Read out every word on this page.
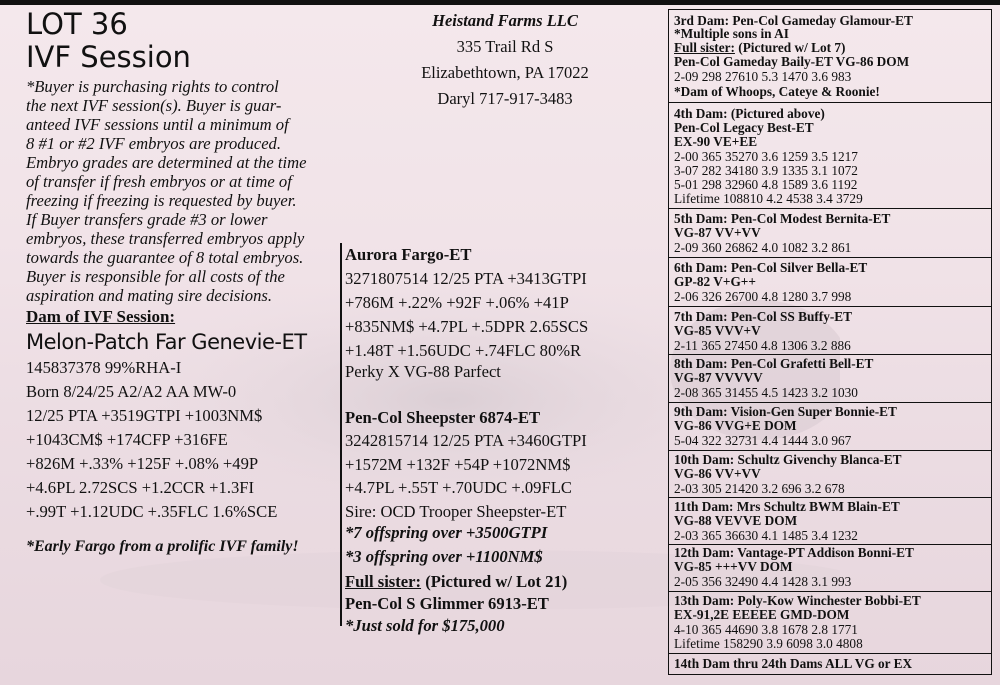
LOT 36
IVF Session
*Buyer is purchasing rights to control
the next IVF session(s). Buyer is guar-
anteed IVF sessions until a minimum of
8 #1 or #2 IVF embryos are produced.
Embryo grades are determined at the time
of transfer if fresh embryos or at time of
freezing if freezing is requested by buyer.
If Buyer transfers grade #3 or lower
embryos, these transferred embryos apply
towards the guarantee of 8 total embryos.
Buyer is responsible for all costs of the
aspiration and mating sire decisions.
Dam of IVF Session:
Melon-Patch Far Genevie-ET
145837378 99%RHA-I
Born 8/24/25 A2/A2 AA MW-0
12/25 PTA +3519GTPI +1003NM$
+1043CM$ +174CFP +316FE
+826M +.33% +125F +.08% +49P
+4.6PL 2.72SCS +1.2CCR +1.3FI
+.99T +1.12UDC +.35FLC 1.6%SCE
*Early Fargo from a prolific IVF family!
Heistand Farms LLC
335 Trail Rd S
Elizabethtown, PA 17022
Daryl 717-917-3483
Aurora Fargo-ET
3271807514 12/25 PTA +3413GTPI
+786M +.22% +92F +.06% +41P
+835NM$ +4.7PL +.5DPR 2.65SCS
+1.48T +1.56UDC +.74FLC 80%R
Perky X VG-88 Parfect
Pen-Col Sheepster 6874-ET
3242815714 12/25 PTA +3460GTPI
+1572M +132F +54P +1072NM$
+4.7PL +.55T +.70UDC +.09FLC
Sire: OCD Trooper Sheepster-ET
*7 offspring over +3500GTPI
*3 offspring over +1100NM$
Full sister: (Pictured w/ Lot 21)
Pen-Col S Glimmer 6913-ET
*Just sold for $175,000
3rd Dam: Pen-Col Gameday Glamour-ET
*Multiple sons in AI
Full sister: (Pictured w/ Lot 7)
Pen-Col Gameday Baily-ET VG-86 DOM
2-09 298 27610 5.3 1470 3.6 983
*Dam of Whoops, Cateye & Roonie!
4th Dam: (Pictured above)
Pen-Col Legacy Best-ET
EX-90 VE+EE
2-00 365 35270 3.6 1259 3.5 1217
3-07 282 34180 3.9 1335 3.1 1072
5-01 298 32960 4.8 1589 3.6 1192
Lifetime 108810 4.2 4538 3.4 3729
5th Dam: Pen-Col Modest Bernita-ET
VG-87 VV+VV
2-09 360 26862 4.0 1082 3.2 861
6th Dam: Pen-Col Silver Bella-ET
GP-82 V+G++
2-06 326 26700 4.8 1280 3.7 998
7th Dam: Pen-Col SS Buffy-ET
VG-85 VVV+V
2-11 365 27450 4.8 1306 3.2 886
8th Dam: Pen-Col Grafetti Bell-ET
VG-87 VVVVV
2-08 365 31455 4.5 1423 3.2 1030
9th Dam: Vision-Gen Super Bonnie-ET
VG-86 VVG+E DOM
5-04 322 32731 4.4 1444 3.0 967
10th Dam: Schultz Givenchy Blanca-ET
VG-86 VV+VV
2-03 305 21420 3.2 696 3.2 678
11th Dam: Mrs Schultz BWM Blain-ET
VG-88 VEVVE DOM
2-03 365 36630 4.1 1485 3.4 1232
12th Dam: Vantage-PT Addison Bonni-ET
VG-85 +++VV DOM
2-05 356 32490 4.4 1428 3.1 993
13th Dam: Poly-Kow Winchester Bobbi-ET
EX-91,2E EEEEE GMD-DOM
4-10 365 44690 3.8 1678 2.8 1771
Lifetime 158290 3.9 6098 3.0 4808
14th Dam thru 24th Dams ALL VG or EX
